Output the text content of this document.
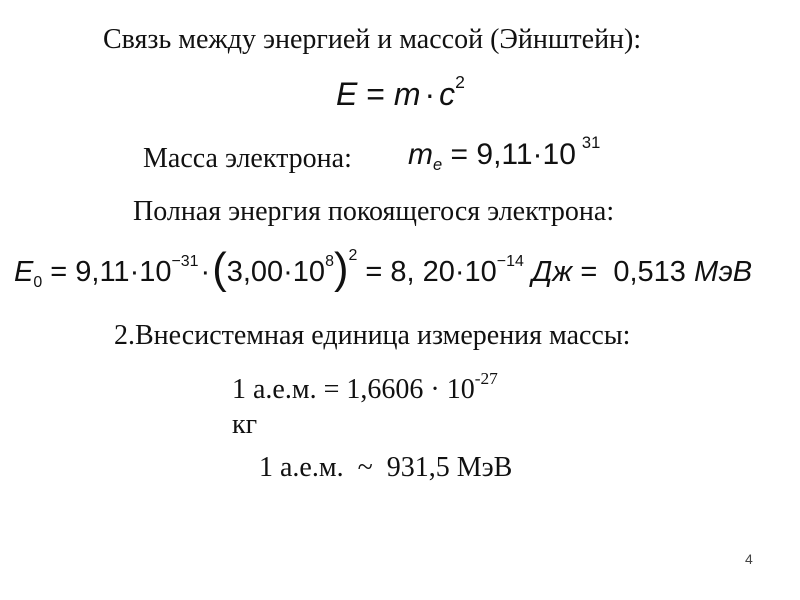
Связь между энергией и массой (Эйнштейн):
$E = m \cdot c^2$
Масса электрона: $m_e = 9,11\cdot 10$ $^{31}$
Полная энергия покоящегося электрона:
$E_0 = 9,11\cdot 10^{-31}\cdot(3,00\cdot 10^8)^2 = 8$, $20\cdot 10^{-14}$ Дж = 0,513 МэВ
2.Внесистемная единица измерения массы:
1 а.е.м. = $1,6606 \cdot 10^{-27}$
кг
1 а.е.м.  ~  931,5 МэВ
4
